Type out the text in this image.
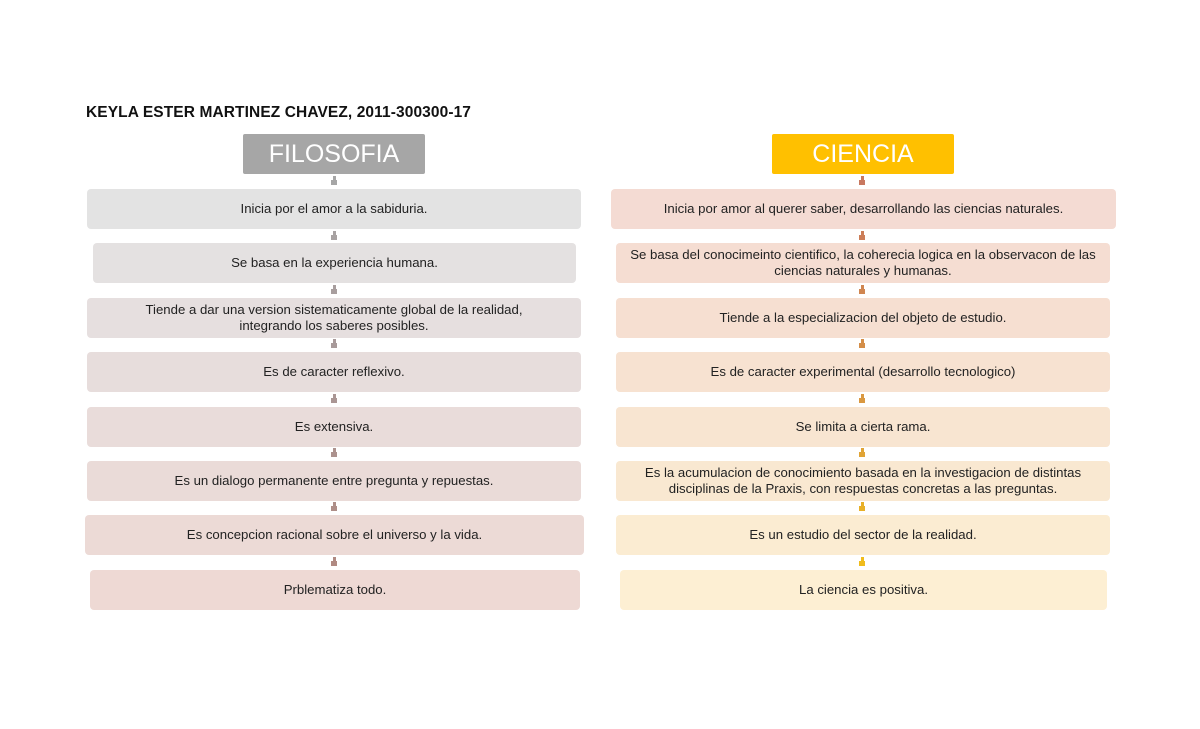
KEYLA ESTER MARTINEZ CHAVEZ, 2011-300300-17
FILOSOFIA
Inicia por el amor a la sabiduria.
Se basa en la experiencia humana.
Tiende a dar una version sistematicamente global de la realidad, integrando los saberes posibles.
Es de caracter reflexivo.
Es extensiva.
Es un dialogo permanente entre pregunta y repuestas.
Es concepcion racional sobre el universo y la vida.
Prblematiza todo.
CIENCIA
Inicia por amor al querer saber, desarrollando las ciencias naturales.
Se basa del conocimeinto cientifico, la coherecia logica en la observacon de las ciencias naturales y humanas.
Tiende a la especializacion del objeto de estudio.
Es de caracter experimental (desarrollo tecnologico)
Se limita a cierta rama.
Es la acumulacion de conocimiento basada en la investigacion de distintas disciplinas de la Praxis, con respuestas concretas a las preguntas.
Es un estudio del sector de la realidad.
La ciencia es positiva.
